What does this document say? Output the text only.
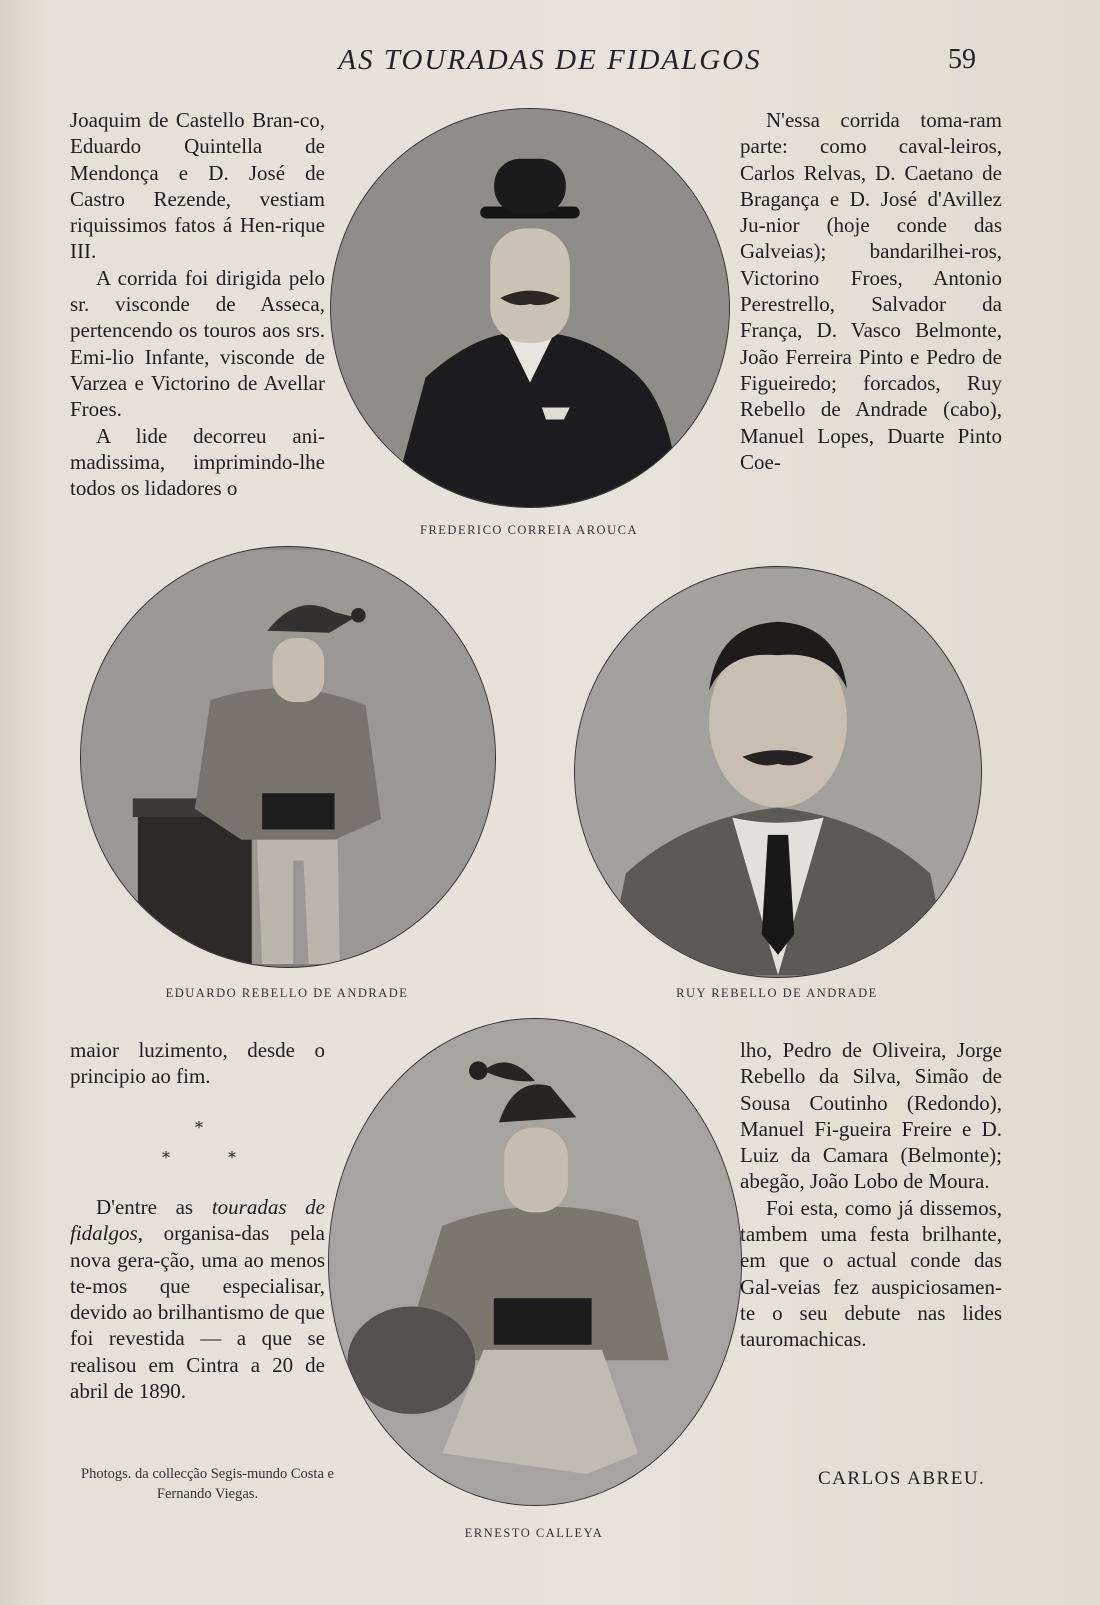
AS TOURADAS DE FIDALGOS	59

Joaquim de Castello Bran-co, Eduardo Quintella de Mendonça e D. José de Castro Rezende, vestiam riquissimos fatos á Hen-rique III.

A corrida foi dirigida pelo sr. visconde de Asseca, pertencendo os touros aos srs. Emi-lio Infante, visconde de Varzea e Victorino de Avellar Froes.

A lide decorreu ani-madissima, imprimindo-lhe todos os lidadores o

N'essa corrida toma-ram parte: como caval-leiros, Carlos Relvas, D. Caetano de Bragança e D. José d'Avillez Ju-nior (hoje conde das Galveias); bandarilhei-ros, Victorino Froes, Antonio Perestrello, Salvador da França, D. Vasco Belmonte, João Ferreira Pinto e Pedro de Figueiredo; forcados, Ruy Rebello de Andrade (cabo), Manuel Lopes, Duarte Pinto Coe-

FREDERICO CORREIA AROUCA
EDUARDO REBELLO DE ANDRADE	RUY REBELLO DE ANDRADE

maior luzimento, desde o principio ao fim.

*
*	*

D'entre as touradas de fidalgos, organisa-das pela nova gera-ção, uma ao menos te-mos que especialisar, devido ao brilhantismo de que foi revestida — a que se realisou em Cintra a 20 de abril de 1890.

Photogs. da collecção Segis-mundo Costa e Fernando Viegas.
ERNESTO CALLEYA

lho, Pedro de Oliveira, Jorge Rebello da Silva, Simão de Sousa Coutinho (Redondo), Manuel Fi-gueira Freire e D. Luiz da Camara (Belmonte); abegão, João Lobo de Moura.

Foi esta, como já dissemos, tambem uma festa brilhante, em que o actual conde das Gal-veias fez auspiciosamen-te o seu debute nas lides tauromachicas.

CARLOS ABREU.
